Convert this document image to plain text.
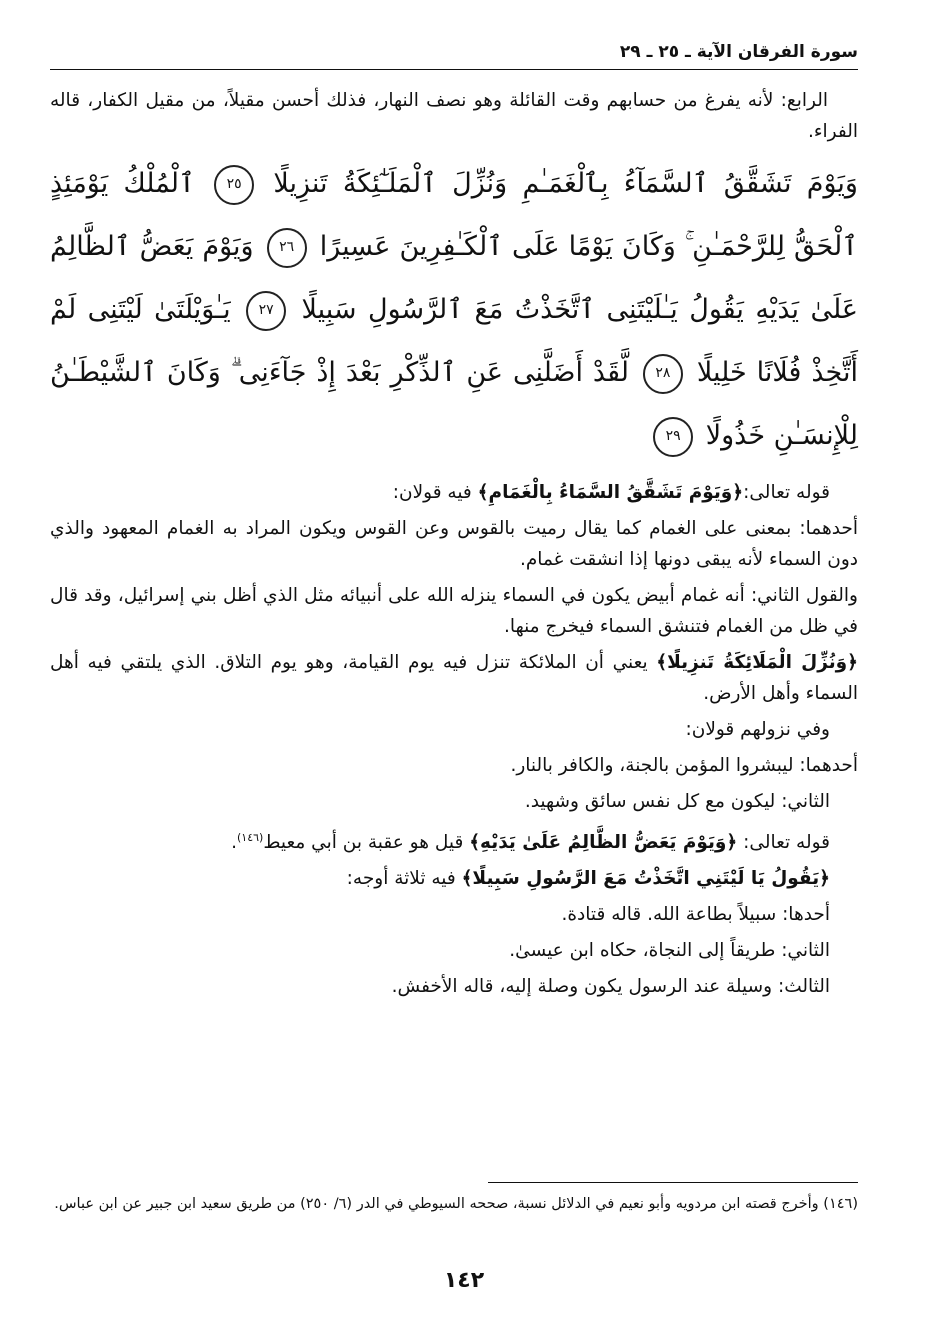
سورة الفرقان الآية ـ ٢٥ ـ ٢٩

الرابع: لأنه يفرغ من حسابهم وقت القائلة وهو نصف النهار، فذلك أحسن مقيلاً، من مقيل الكفار، قاله الفراء.

وَيَوْمَ تَشَقَّقُ ٱلسَّمَآءُ بِٱلْغَمَـٰمِ وَنُزِّلَ ٱلْمَلَـٰٓئِكَةُ تَنزِيلًا ٢٥ ٱلْمُلْكُ يَوْمَئِذٍ ٱلْحَقُّ لِلرَّحْمَـٰنِ ۚ وَكَانَ يَوْمًا عَلَى ٱلْكَـٰفِرِينَ عَسِيرًا ٢٦ وَيَوْمَ يَعَضُّ ٱلظَّالِمُ عَلَىٰ يَدَيْهِ يَقُولُ يَـٰلَيْتَنِى ٱتَّخَذْتُ مَعَ ٱلرَّسُولِ سَبِيلًا ٢٧ يَـٰوَيْلَتَىٰ لَيْتَنِى لَمْ أَتَّخِذْ فُلَانًا خَلِيلًا ٢٨ لَّقَدْ أَضَلَّنِى عَنِ ٱلذِّكْرِ بَعْدَ إِذْ جَآءَنِى ۗ وَكَانَ ٱلشَّيْطَـٰنُ لِلْإِنسَـٰنِ خَذُولًا ٢٩

قوله تعالى:﴿وَيَوْمَ تَشَقَّقُ السَّمَاءُ بِالْغَمَامِ﴾ فيه قولان:

أحدهما: بمعنى على الغمام كما يقال رميت بالقوس وعن القوس ويكون المراد به الغمام المعهود والذي دون السماء لأنه يبقى دونها إذا انشقت غمام.

والقول الثاني: أنه غمام أبيض يكون في السماء ينزله الله على أنبيائه مثل الذي أظل بني إسرائيل، وقد قال في ظل من الغمام فتنشق السماء فيخرج منها.

﴿وَنُزِّلَ الْمَلَائِكَةُ تَنزِيلًا﴾ يعني أن الملائكة تنزل فيه يوم القيامة، وهو يوم التلاق. الذي يلتقي فيه أهل السماء وأهل الأرض.

وفي نزولهم قولان:

أحدهما: ليبشروا المؤمن بالجنة، والكافر بالنار.

الثاني: ليكون مع كل نفس سائق وشهيد.

قوله تعالى: ﴿وَيَوْمَ يَعَضُّ الظَّالِمُ عَلَىٰ يَدَيْهِ﴾ قيل هو عقبة بن أبي معيط$^{(١٤٦)}$.

﴿يَقُولُ يَا لَيْتَنِي اتَّخَذْتُ مَعَ الرَّسُولِ سَبِيلًا﴾ فيه ثلاثة أوجه:

أحدها: سبيلاً بطاعة الله. قاله قتادة.

الثاني: طريقاً إلى النجاة، حكاه ابن عيسىٰ.

الثالث: وسيلة عند الرسول يكون وصلة إليه، قاله الأخفش.

(١٤٦) وأخرج قصته ابن مردويه وأبو نعيم في الدلائل نسبة، صححه السيوطي في الدر (٦/ ٢٥٠) من طريق سعيد ابن جبير عن ابن عباس.
١٤٢
